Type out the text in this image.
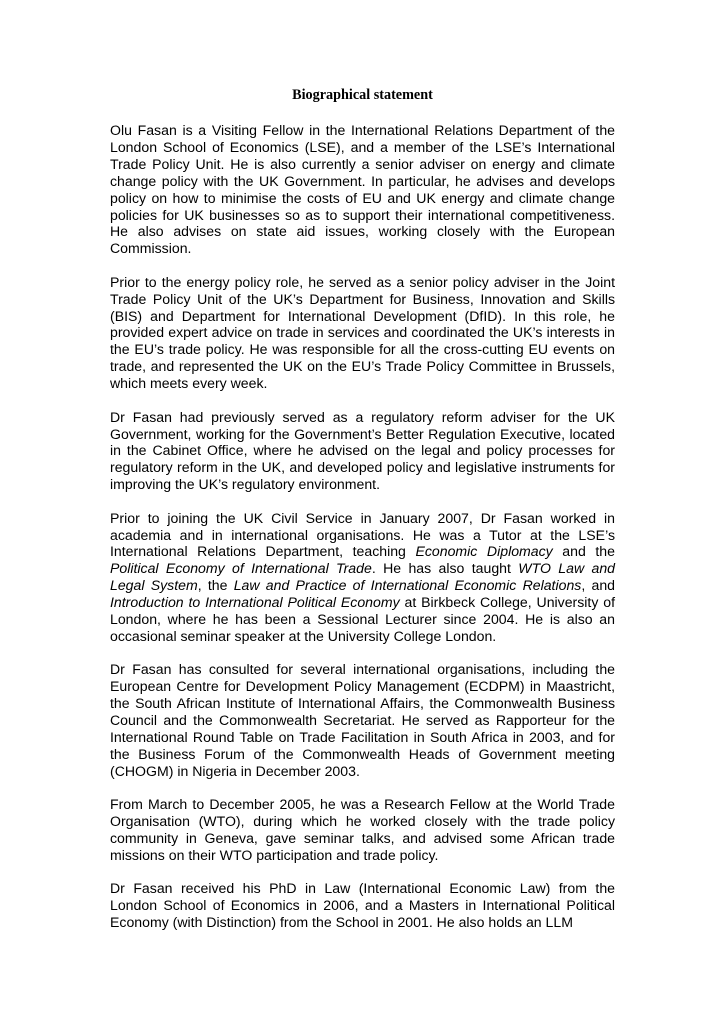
Biographical statement

Olu Fasan is a Visiting Fellow in the International Relations Department of the London School of Economics (LSE), and a member of the LSE’s International Trade Policy Unit. He is also currently a senior adviser on energy and climate change policy with the UK Government. In particular, he advises and develops policy on how to minimise the costs of EU and UK energy and climate change policies for UK businesses so as to support their international competitiveness. He also advises on state aid issues, working closely with the European Commission.

Prior to the energy policy role, he served as a senior policy adviser in the Joint Trade Policy Unit of the UK’s Department for Business, Innovation and Skills (BIS) and Department for International Development (DfID). In this role, he provided expert advice on trade in services and coordinated the UK’s interests in the EU’s trade policy. He was responsible for all the cross-cutting EU events on trade, and represented the UK on the EU’s Trade Policy Committee in Brussels, which meets every week.

Dr Fasan had previously served as a regulatory reform adviser for the UK Government, working for the Government’s Better Regulation Executive, located in the Cabinet Office, where he advised on the legal and policy processes for regulatory reform in the UK, and developed policy and legislative instruments for improving the UK’s regulatory environment.

Prior to joining the UK Civil Service in January 2007, Dr Fasan worked in academia and in international organisations. He was a Tutor at the LSE’s International Relations Department, teaching Economic Diplomacy and the Political Economy of International Trade. He has also taught WTO Law and Legal System, the Law and Practice of International Economic Relations, and Introduction to International Political Economy at Birkbeck College, University of London, where he has been a Sessional Lecturer since 2004. He is also an occasional seminar speaker at the University College London.

Dr Fasan has consulted for several international organisations, including the European Centre for Development Policy Management (ECDPM) in Maastricht, the South African Institute of International Affairs, the Commonwealth Business Council and the Commonwealth Secretariat. He served as Rapporteur for the International Round Table on Trade Facilitation in South Africa in 2003, and for the Business Forum of the Commonwealth Heads of Government meeting (CHOGM) in Nigeria in December 2003.

From March to December 2005, he was a Research Fellow at the World Trade Organisation (WTO), during which he worked closely with the trade policy community in Geneva, gave seminar talks, and advised some African trade missions on their WTO participation and trade policy.

Dr Fasan received his PhD in Law (International Economic Law) from the London School of Economics in 2006, and a Masters in International Political Economy (with Distinction) from the School in 2001. He also holds an LLM
